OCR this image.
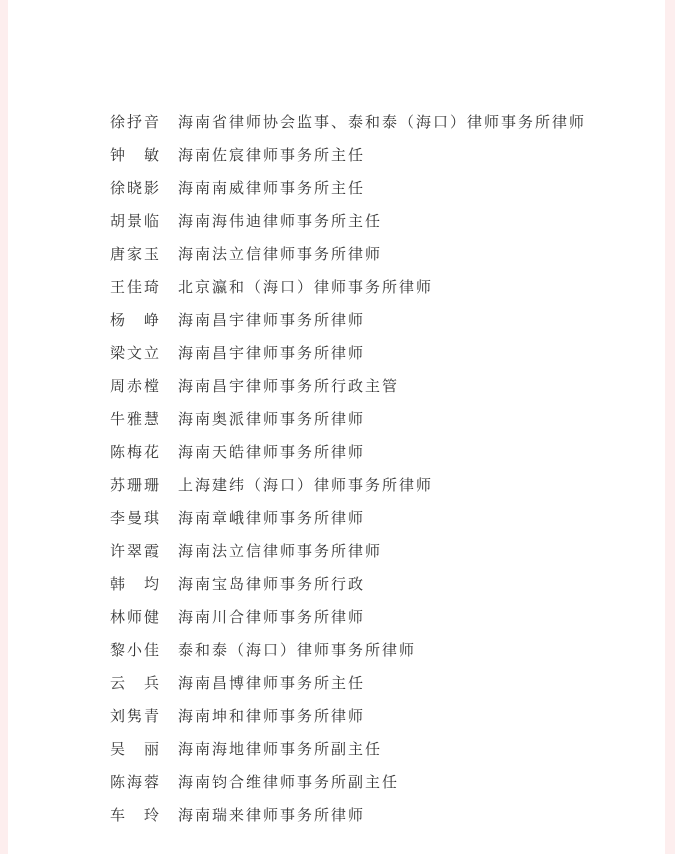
徐抒音	海南省律师协会监事、泰和泰（海口）律师事务所律师
钟　敏	海南佐宸律师事务所主任
徐晓影	海南南威律师事务所主任
胡景临	海南海伟迪律师事务所主任
唐家玉	海南法立信律师事务所律师
王佳琦	北京瀛和（海口）律师事务所律师
杨　峥	海南昌宇律师事务所律师
梁文立	海南昌宇律师事务所律师
周赤樘	海南昌宇律师事务所行政主管
牛雅慧	海南奥派律师事务所律师
陈梅花	海南天皓律师事务所律师
苏珊珊	上海建纬（海口）律师事务所律师
李曼琪	海南章峨律师事务所律师
许翠霞	海南法立信律师事务所律师
韩　均	海南宝岛律师事务所行政
林师健	海南川合律师事务所律师
黎小佳	泰和泰（海口）律师事务所律师
云　兵	海南昌博律师事务所主任
刘隽青	海南坤和律师事务所律师
吴　丽	海南海地律师事务所副主任
陈海蓉	海南钧合维律师事务所副主任
车　玲	海南瑞来律师事务所律师
